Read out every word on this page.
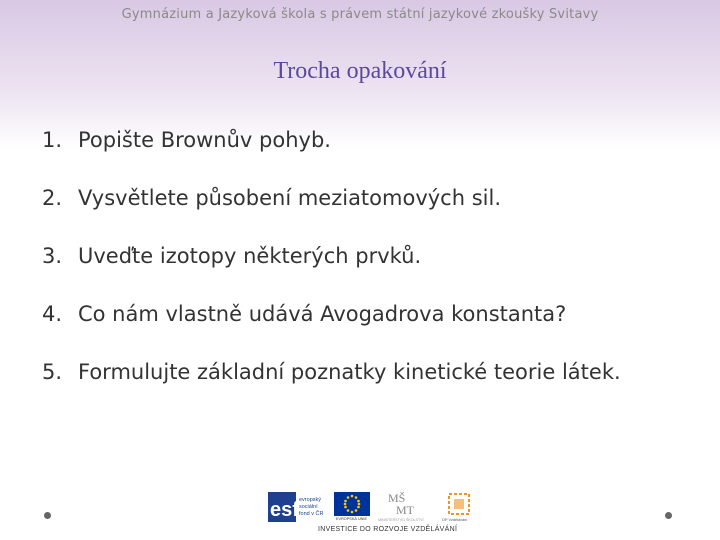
Gymnázium a Jazyková škola s právem státní jazykové zkoušky Svitavy
Trocha opakování
1. Popište Brownův pohyb.
2. Vysvětlete působení meziatomových sil.
3. Uveďte izotopy některých prvků.
4. Co nám vlastně udává Avogadrova konstanta?
5. Formulujte základní poznatky kinetické teorie látek.
esf evropský
sociální
fond v ČR
EVROPSKÁ UNIE
MŠ
MT
MINISTERSTVO ŠKOLSTVÍ	OP Vzdělávání
INVESTICE DO ROZVOJE VZDĚLÁVÁNÍ
